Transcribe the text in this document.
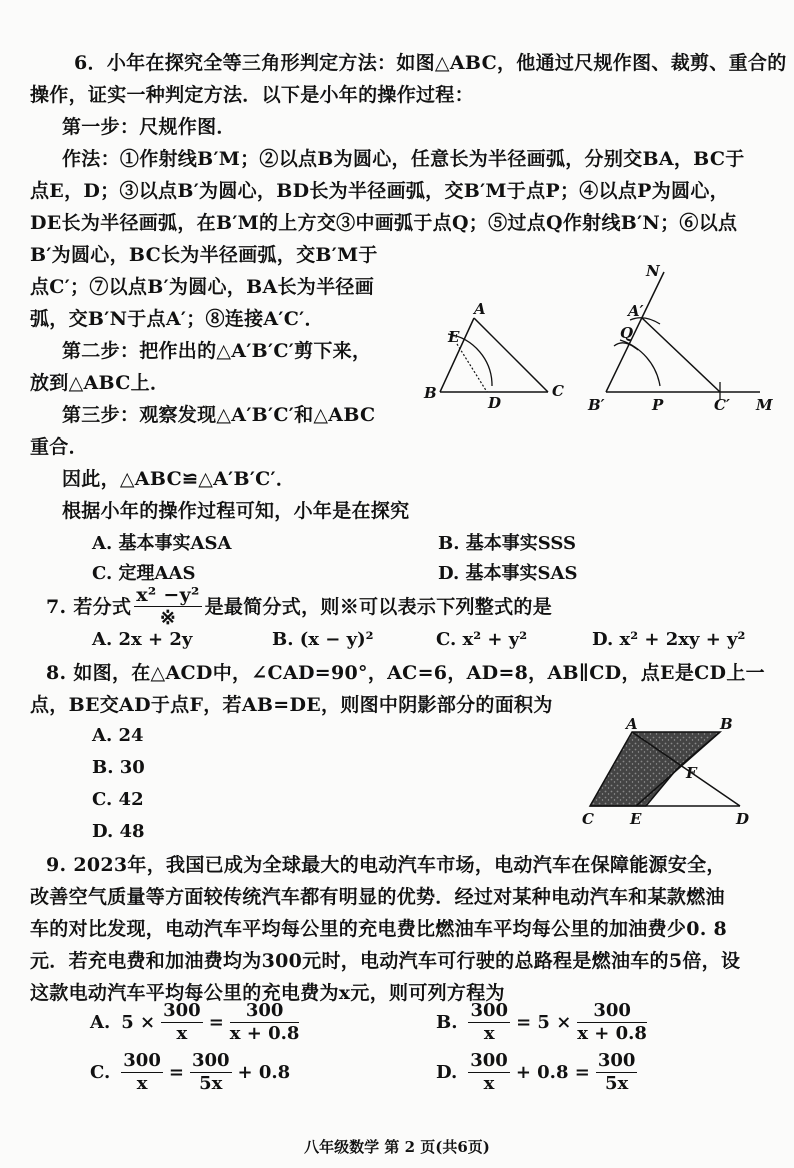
6．小年在探究全等三角形判定方法：如图△ABC，他通过尺规作图、裁剪、重合的
操作，证实一种判定方法．以下是小年的操作过程：
第一步：尺规作图．
作法：①作射线B′M；②以点B为圆心，任意长为半径画弧，分别交BA，BC于
点E，D；③以点B′为圆心，BD长为半径画弧，交B′M于点P；④以点P为圆心，
DE长为半径画弧，在B′M的上方交③中画弧于点Q；⑤过点Q作射线B′N；⑥以点
B′为圆心，BC长为半径画弧，交B′M于
点C′；⑦以点B′为圆心，BA长为半径画
弧，交B′N于点A′；⑧连接A′C′．
第二步：把作出的△A′B′C′剪下来，
放到△ABC上．
第三步：观察发现△A′B′C′和△ABC
重合．
因此，△ABC≌△A′B′C′．
根据小年的操作过程可知，小年是在探究
A. 基本事实ASA	B. 基本事实SSS
C. 定理AAS	D. 基本事实SAS
A
B	C
D
E
N
A′
Q
B′	P	C′ M
7. 若分式 $\frac{\text{x² −y²}}{※}$ 是最简分式，则※可以表示下列整式的是
A. 2x + 2y	B. (x − y)²	C. x² + y²	D. x² + 2xy + y²
8. 如图，在△ACD中，∠CAD=90°，AC=6，AD=8，AB∥CD，点E是CD上一
点，BE交AD于点F，若AB=DE，则图中阴影部分的面积为
A. 24
B. 30
C. 42
D. 48
A	B
C E	D
F
9. 2023年，我国已成为全球最大的电动汽车市场，电动汽车在保障能源安全，
改善空气质量等方面较传统汽车都有明显的优势．经过对某种电动汽车和某款燃油
车的对比发现，电动汽车平均每公里的充电费比燃油车平均每公里的加油费少0. 8
元．若充电费和加油费均为300元时，电动汽车可行驶的总路程是燃油车的5倍，设
这款电动汽车平均每公里的充电费为x元，则可列方程为
A. $5 \times \frac{300}{x} = \frac{300}{x + 0.8}$	B. $\frac{300}{x} = 5 \times \frac{300}{x + 0.8}$
C. $\frac{300}{x} = \frac{300}{5x} + 0.8$	D. $\frac{300}{x} + 0.8 = \frac{300}{5x}$
八年级数学 第 2 页(共6页)
